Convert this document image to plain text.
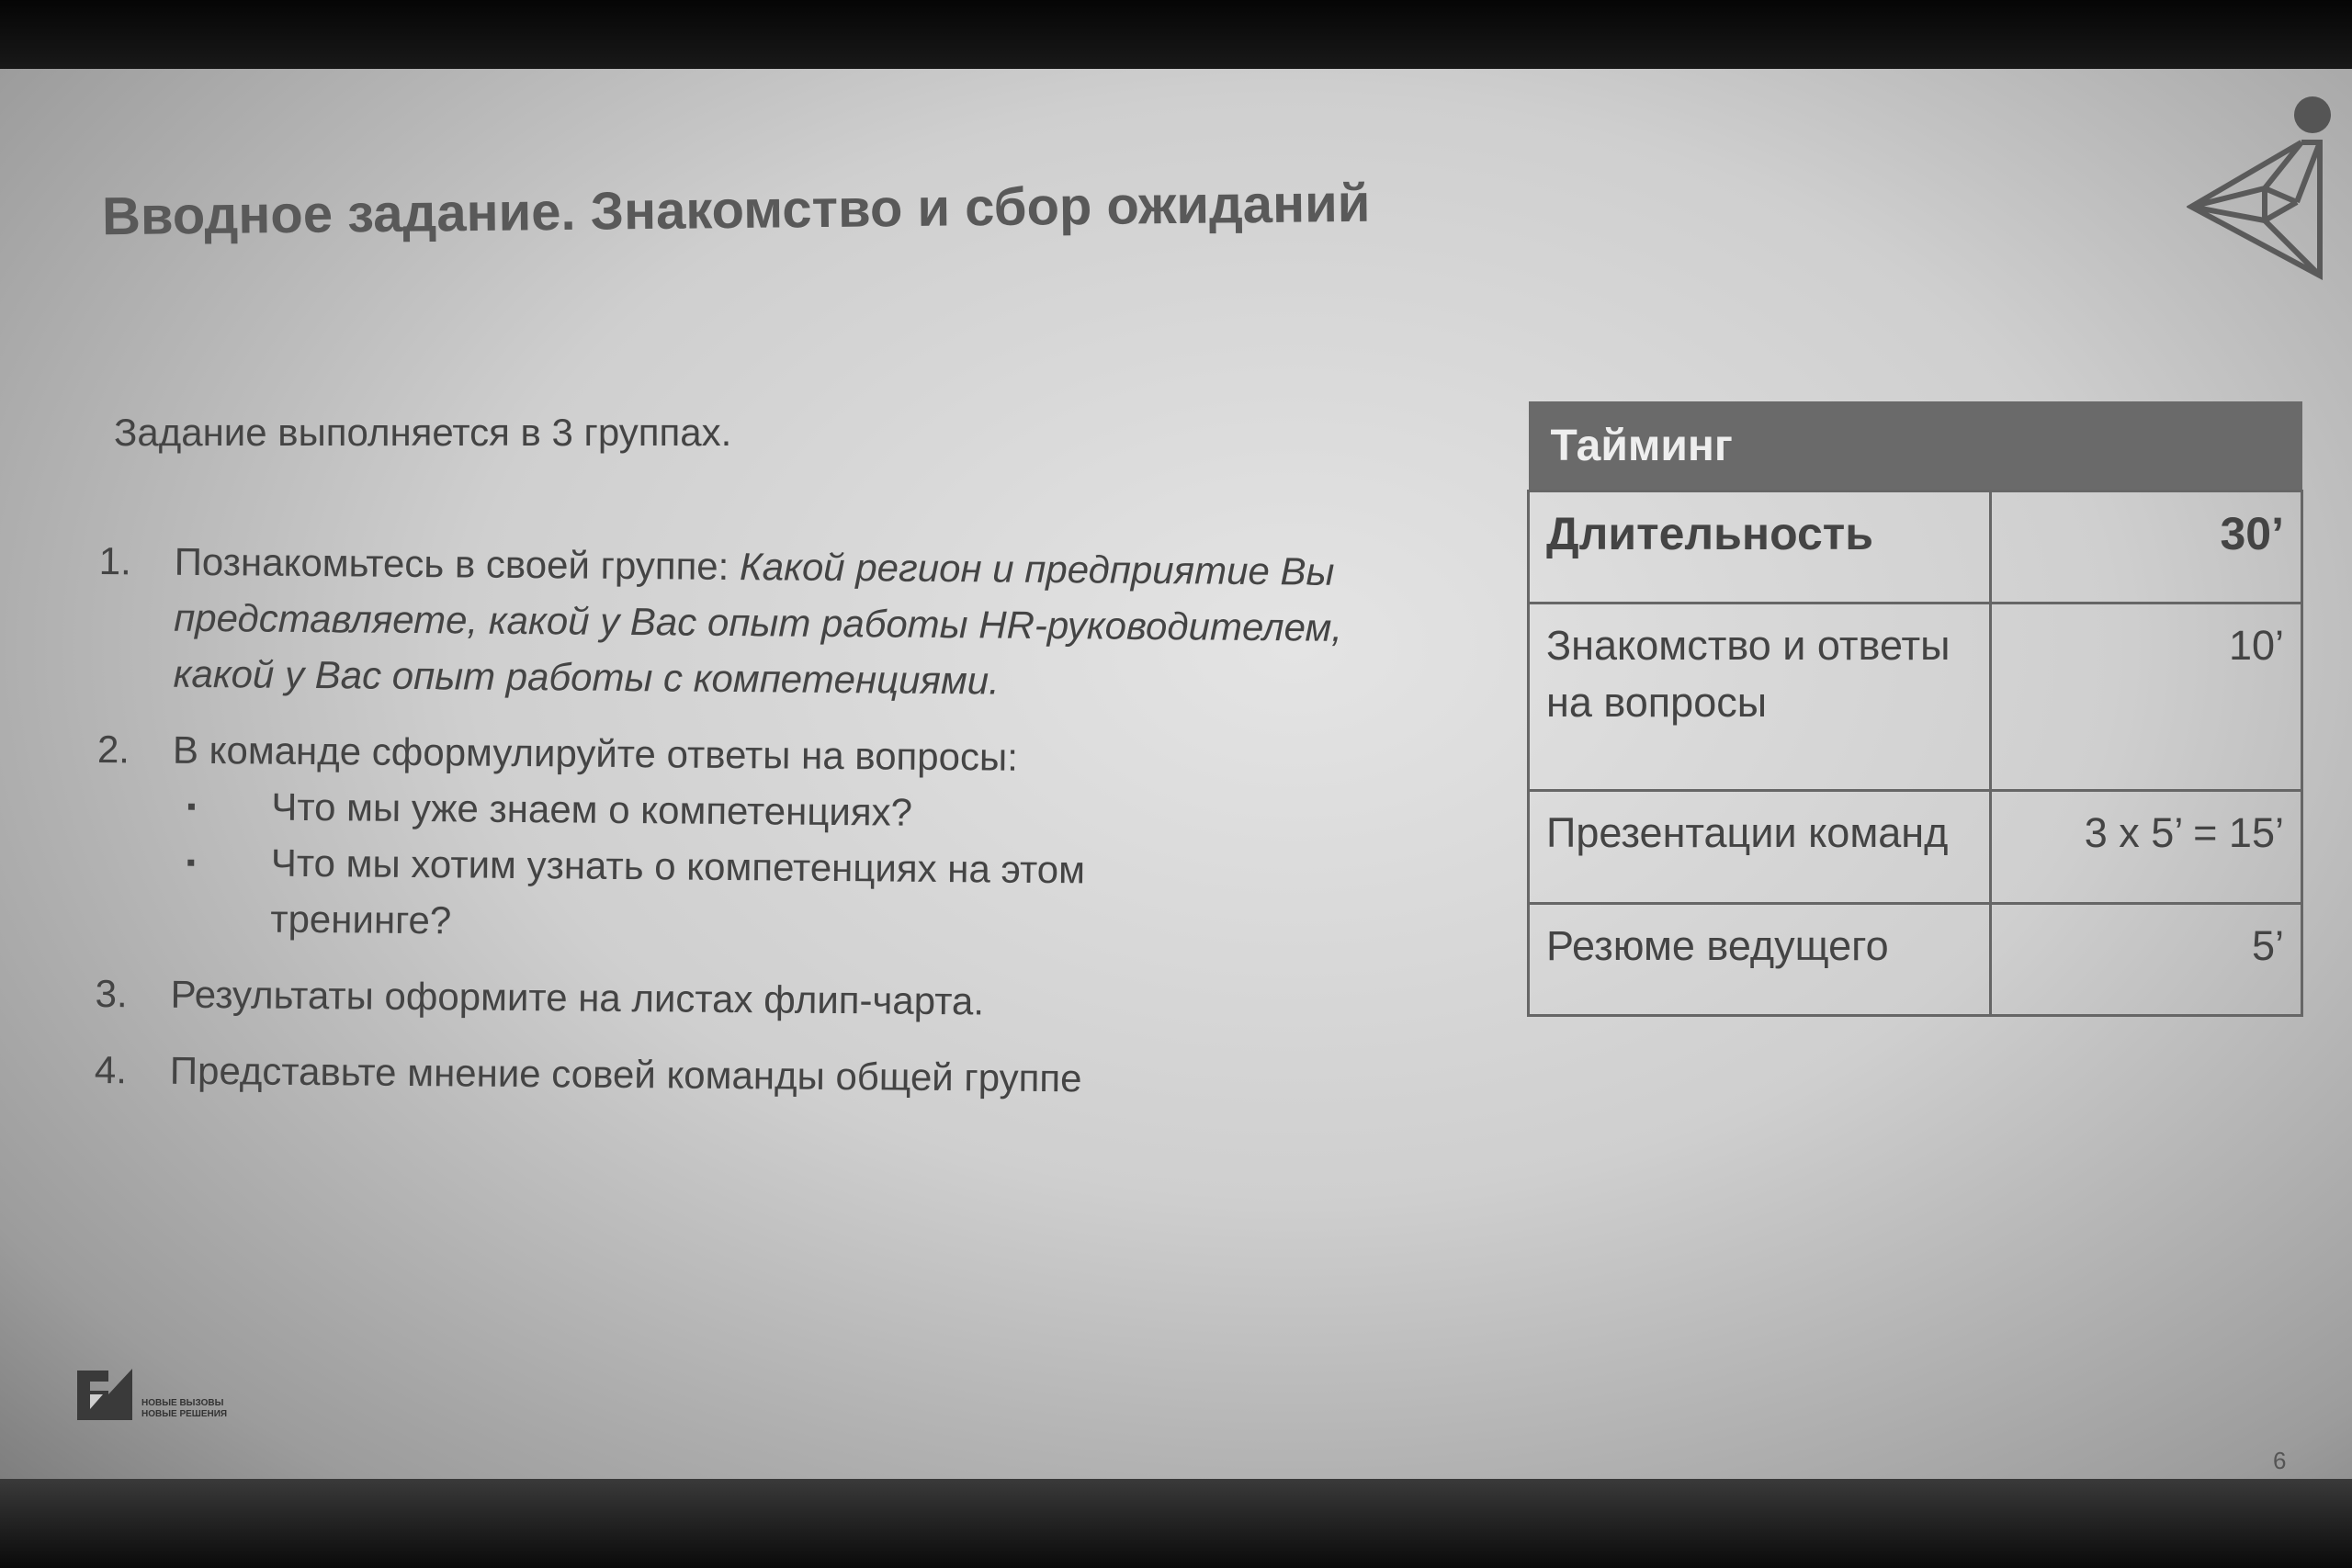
Вводное задание. Знакомство и сбор ожиданий
Задание выполняется в 3 группах.
1.	Познакомьтесь в своей группе: Какой регион и предприятие Вы представляете, какой у Вас опыт работы HR-руководителем, какой у Вас опыт работы с компетенциями.
2.	В команде сформулируйте ответы на вопросы:
▪	Что мы уже знаем о компетенциях?
▪	Что мы хотим узнать о компетенциях на этом тренинге?
3.	Результаты оформите на листах флип-чарта.
4.	Представьте мнение совей команды общей группе
Тайминг	
Длительность	30’
Знакомство и ответы на вопросы	10’
Презентации команд	3 x 5’ = 15’
Резюме ведущего	5’
НОВЫЕ ВЫЗОВЫ
НОВЫЕ РЕШЕНИЯ
6
